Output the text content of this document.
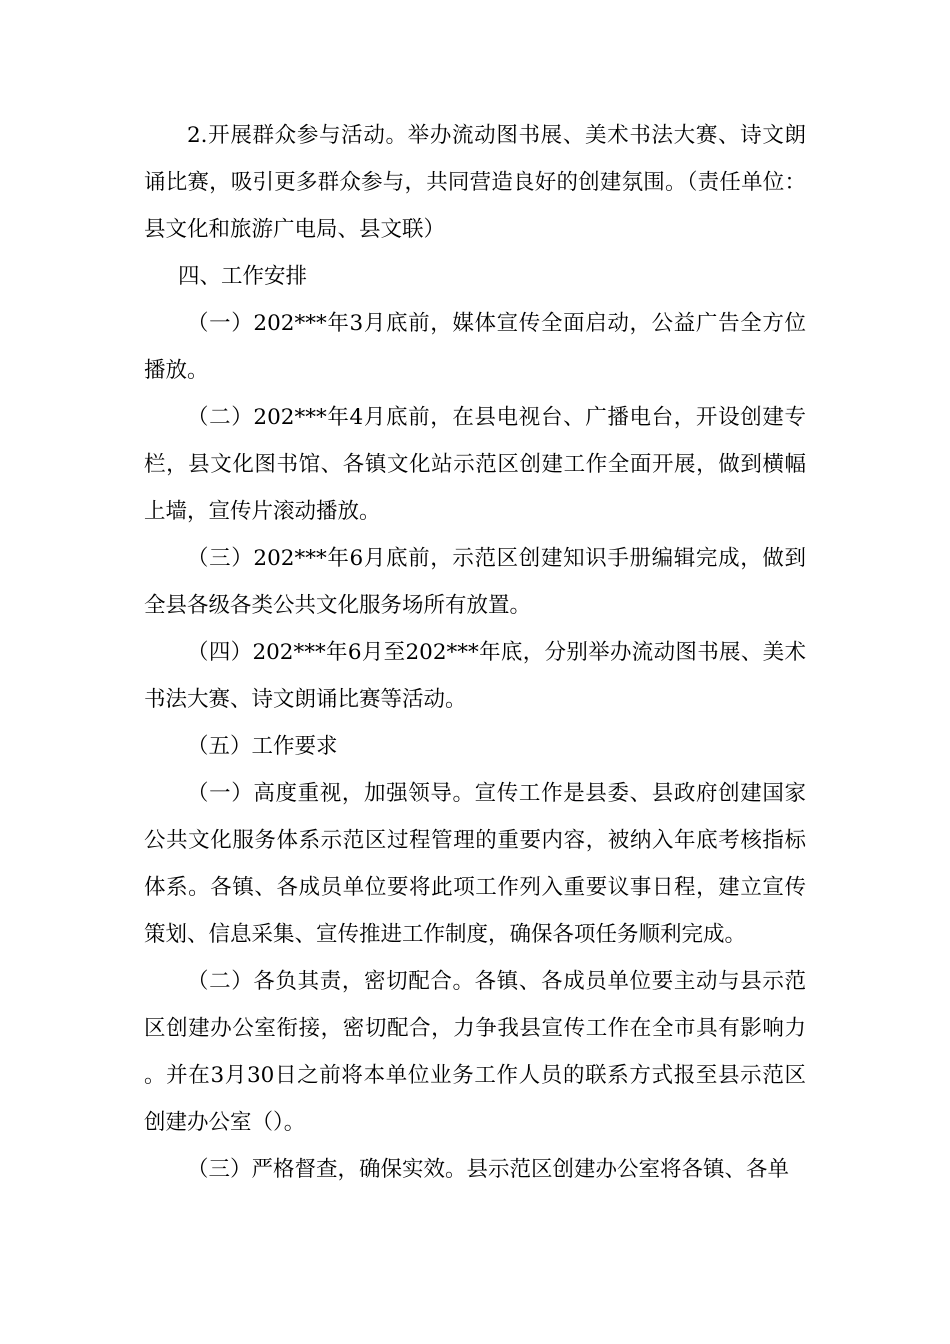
2.开展群众参与活动。举办流动图书展、美术书法大赛、诗文朗诵比赛，吸引更多群众参与，共同营造良好的创建氛围。（责任单位：县文化和旅游广电局、县文联）

四、工作安排

（一）202***年3月底前，媒体宣传全面启动，公益广告全方位播放。

（二）202***年4月底前，在县电视台、广播电台，开设创建专栏，县文化图书馆、各镇文化站示范区创建工作全面开展，做到横幅上墙，宣传片滚动播放。

（三）202***年6月底前，示范区创建知识手册编辑完成，做到全县各级各类公共文化服务场所有放置。

（四）202***年6月至202***年底，分别举办流动图书展、美术书法大赛、诗文朗诵比赛等活动。

（五）工作要求

（一）高度重视，加强领导。宣传工作是县委、县政府创建国家公共文化服务体系示范区过程管理的重要内容，被纳入年底考核指标体系。各镇、各成员单位要将此项工作列入重要议事日程，建立宣传策划、信息采集、宣传推进工作制度，确保各项任务顺利完成。

（二）各负其责，密切配合。各镇、各成员单位要主动与县示范区创建办公室衔接，密切配合，力争我县宣传工作在全市具有影响力。并在3月30日之前将本单位业务工作人员的联系方式报至县示范区创建办公室（）。

（三）严格督查，确保实效。县示范区创建办公室将各镇、各单
